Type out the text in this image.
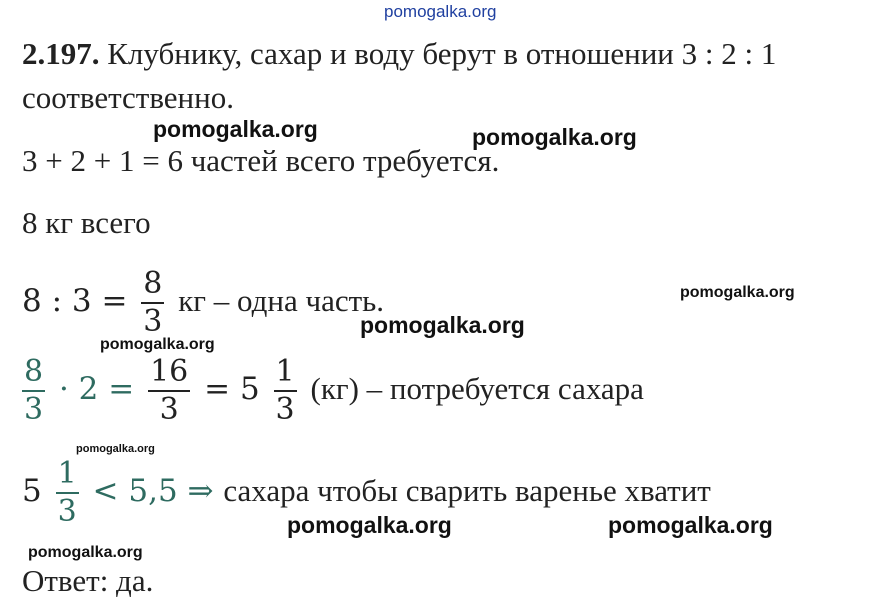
pomogalka.org
2.197. Клубнику, сахар и воду берут в отношении 3 : 2 : 1
соответственно.
3 + 2 + 1 = 6 частей всего требуется.
8 кг всего
8 : $3 = \frac{8}{3}$ кг – одна часть.
$\frac{8}{3} \cdot 2 = \frac{16}{3} = 5 \frac{1}{3} (кг)$ – потребуется сахара
$5 \frac{1}{3} < 5,5$ ⇒ сахара чтобы сварить варенье хватит
Ответ: да.
pomogalka.org	pomogalka.org
pomogalka.org
pomogalka.org
pomogalka.org
pomogalka.org
pomogalka.org	pomogalka.org
pomogalka.org
